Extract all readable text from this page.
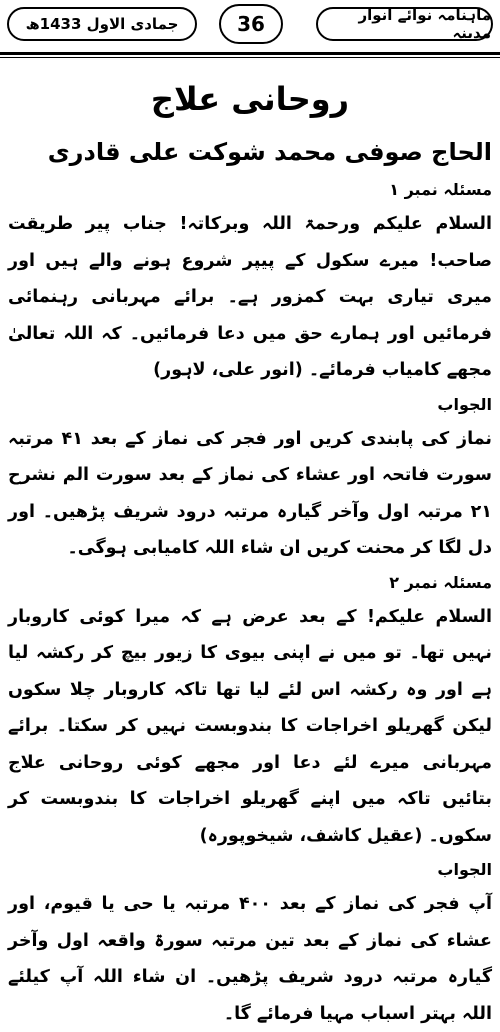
جمادی الاول 1433ھ	36	ماہنامہ نوائے انوار مدینہ
روحانی علاج
الحاج صوفی محمد شوکت علی قادری
مسئلہ نمبر ۱

السلام علیکم ورحمۃ اللہ وبرکاتہ! جناب پیر طریقت صاحب! میرے سکول کے پیپر شروع ہونے والے ہیں اور میری تیاری بہت کمزور ہے۔ برائے مہربانی رہنمائی فرمائیں اور ہمارے حق میں دعا فرمائیں۔ کہ اللہ تعالیٰ مجھے کامیاب فرمائے۔ (انور علی، لاہور)

الجواب

نماز کی پابندی کریں اور فجر کی نماز کے بعد ۴۱ مرتبہ سورت فاتحہ اور عشاء کی نماز کے بعد سورت الم نشرح ۲۱ مرتبہ اول وآخر گیارہ مرتبہ درود شریف پڑھیں۔ اور دل لگا کر محنت کریں ان شاء اللہ کامیابی ہوگی۔

مسئلہ نمبر ۲

السلام علیکم! کے بعد عرض ہے کہ میرا کوئی کاروبار نہیں تھا۔ تو میں نے اپنی بیوی کا زیور بیچ کر رکشہ لیا ہے اور وہ رکشہ اس لئے لیا تھا تاکہ کاروبار چلا سکوں لیکن گھریلو اخراجات کا بندوبست نہیں کر سکتا۔ برائے مہربانی میرے لئے دعا اور مجھے کوئی روحانی علاج بتائیں تاکہ میں اپنے گھریلو اخراجات کا بندوبست کر سکوں۔ (عقیل کاشف، شیخوپورہ)

الجواب

آپ فجر کی نماز کے بعد ۴۰۰ مرتبہ یا حی یا قیوم، اور عشاء کی نماز کے بعد تین مرتبہ سورۃ واقعہ اول وآخر گیارہ مرتبہ درود شریف پڑھیں۔ ان شاء اللہ آپ کیلئے اللہ بہتر اسباب مہیا فرمائے گا۔
